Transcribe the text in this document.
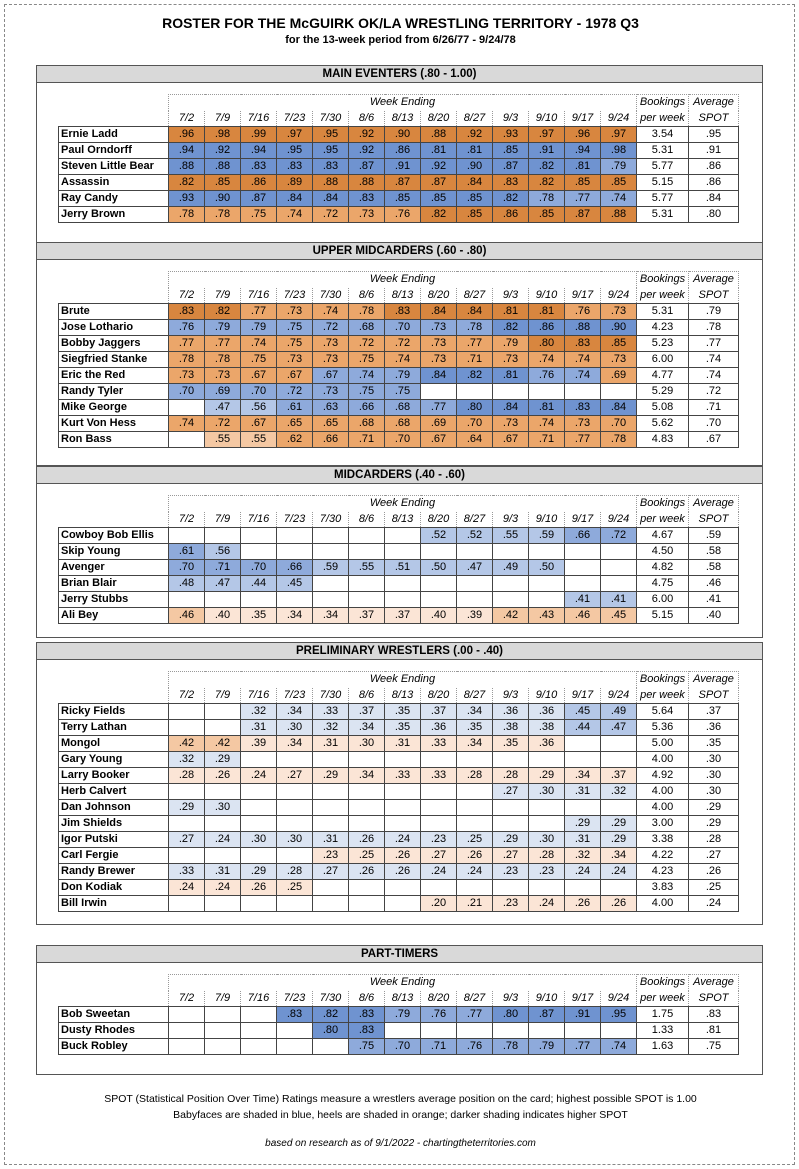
ROSTER FOR THE McGUIRK OK/LA WRESTLING TERRITORY - 1978 Q3
for the 13-week period from 6/26/77 - 9/24/78
MAIN EVENTERS (.80 - 1.00)
	Week Ending													Bookings	Average
	7/2	7/9	7/16	7/23	7/30	8/6	8/13	8/20	8/27	9/3	9/10	9/17	9/24	per week	SPOT
Ernie Ladd	.96	.98	.99	.97	.95	.92	.90	.88	.92	.93	.97	.96	.97	3.54	.95
Paul Orndorff	.94	.92	.94	.95	.95	.92	.86	.81	.81	.85	.91	.94	.98	5.31	.91
Steven Little Bear	.88	.88	.83	.83	.83	.87	.91	.92	.90	.87	.82	.81	.79	5.77	.86
Assassin	.82	.85	.86	.89	.88	.88	.87	.87	.84	.83	.82	.85	.85	5.15	.86
Ray Candy	.93	.90	.87	.84	.84	.83	.85	.85	.85	.82	.78	.77	.74	5.77	.84
Jerry Brown	.78	.78	.75	.74	.72	.73	.76	.82	.85	.86	.85	.87	.88	5.31	.80
UPPER MIDCARDERS (.60 - .80)
	Week Ending													Bookings	Average
	7/2	7/9	7/16	7/23	7/30	8/6	8/13	8/20	8/27	9/3	9/10	9/17	9/24	per week	SPOT
Brute	.83	.82	.77	.73	.74	.78	.83	.84	.84	.81	.81	.76	.73	5.31	.79
Jose Lothario	.76	.79	.79	.75	.72	.68	.70	.73	.78	.82	.86	.88	.90	4.23	.78
Bobby Jaggers	.77	.77	.74	.75	.73	.72	.72	.73	.77	.79	.80	.83	.85	5.23	.77
Siegfried Stanke	.78	.78	.75	.73	.73	.75	.74	.73	.71	.73	.74	.74	.73	6.00	.74
Eric the Red	.73	.73	.67	.67	.67	.74	.79	.84	.82	.81	.76	.74	.69	4.77	.74
Randy Tyler	.70	.69	.70	.72	.73	.75	.75							5.29	.72
Mike George		.47	.56	.61	.63	.66	.68	.77	.80	.84	.81	.83	.84	5.08	.71
Kurt Von Hess	.74	.72	.67	.65	.65	.68	.68	.69	.70	.73	.74	.73	.70	5.62	.70
Ron Bass		.55	.55	.62	.66	.71	.70	.67	.64	.67	.71	.77	.78	4.83	.67
MIDCARDERS (.40 - .60)
	Week Ending													Bookings	Average
	7/2	7/9	7/16	7/23	7/30	8/6	8/13	8/20	8/27	9/3	9/10	9/17	9/24	per week	SPOT
Cowboy Bob Ellis								.52	.52	.55	.59	.66	.72	4.67	.59
Skip Young	.61	.56												4.50	.58
Avenger	.70	.71	.70	.66	.59	.55	.51	.50	.47	.49	.50			4.82	.58
Brian Blair	.48	.47	.44	.45										4.75	.46
Jerry Stubbs												.41	.41	6.00	.41
Ali Bey	.46	.40	.35	.34	.34	.37	.37	.40	.39	.42	.43	.46	.45	5.15	.40
PRELIMINARY WRESTLERS (.00 - .40)
	Week Ending													Bookings	Average
	7/2	7/9	7/16	7/23	7/30	8/6	8/13	8/20	8/27	9/3	9/10	9/17	9/24	per week	SPOT
Ricky Fields			.32	.34	.33	.37	.35	.37	.34	.36	.36	.45	.49	5.64	.37
Terry Lathan			.31	.30	.32	.34	.35	.36	.35	.38	.38	.44	.47	5.36	.36
Mongol	.42	.42	.39	.34	.31	.30	.31	.33	.34	.35	.36			5.00	.35
Gary Young	.32	.29												4.00	.30
Larry Booker	.28	.26	.24	.27	.29	.34	.33	.33	.28	.28	.29	.34	.37	4.92	.30
Herb Calvert										.27	.30	.31	.32	4.00	.30
Dan Johnson	.29	.30												4.00	.29
Jim Shields												.29	.29	3.00	.29
Igor Putski	.27	.24	.30	.30	.31	.26	.24	.23	.25	.29	.30	.31	.29	3.38	.28
Carl Fergie					.23	.25	.26	.27	.26	.27	.28	.32	.34	4.22	.27
Randy Brewer	.33	.31	.29	.28	.27	.26	.26	.24	.24	.23	.23	.24	.24	4.23	.26
Don Kodiak	.24	.24	.26	.25										3.83	.25
Bill Irwin								.20	.21	.23	.24	.26	.26	4.00	.24
PART-TIMERS
	Week Ending													Bookings	Average
	7/2	7/9	7/16	7/23	7/30	8/6	8/13	8/20	8/27	9/3	9/10	9/17	9/24	per week	SPOT
Bob Sweetan				.83	.82	.83	.79	.76	.77	.80	.87	.91	.95	1.75	.83
Dusty Rhodes					.80	.83								1.33	.81
Buck Robley						.75	.70	.71	.76	.78	.79	.77	.74	1.63	.75
SPOT (Statistical Position Over Time) Ratings measure a wrestlers average position on the card; highest possible SPOT is 1.00
Babyfaces are shaded in blue, heels are shaded in orange; darker shading indicates higher SPOT
based on research as of 9/1/2022 - chartingtheterritories.com
